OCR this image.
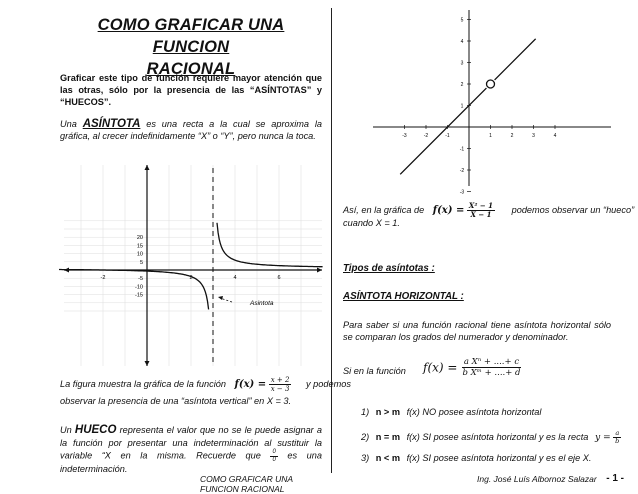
COMO GRAFICAR UNA FUNCION
RACIONAL
Graficar este tipo de función requiere mayor atención que las otras, sólo por la presencia de las “ASÍNTOTAS” y “HUECOS”.
Una ASÍNTOTA es una recta a la cual se aproxima la gráfica, al crecer indefinidamente “X” o “Y”, pero nunca la toca.
-2	2	4	6
20
15
10
5
-5
-10
-15
Asintota
La figura muestra la gráfica de la función $f(x) = \frac{x + 2}{x - 3}$ y podemos
observar la presencia de una “asíntota vertical” en X = 3.
Un HUECO representa el valor que no se le puede asignar a la función por presentar una indeterminación al sustituir la variable “X en la misma. Recuerde que $\frac{0}{0}$ es una indeterminación.
COMO GRAFICAR UNA FUNCION RACIONAL
-3	-2	-1	1	2	3	4
5
4
3
2
1
-1
-2
-3
Así, en la gráfica de $f(x) = \frac{\text{X² − 1}}{X - 1}$ podemos observar un “hueco”
cuando X = 1.
Tipos de asíntotas :
ASÍNTOTA HORIZONTAL :
Para saber si una función racional tiene asíntota horizontal sólo se comparan los grados del numerador y denominador.
Si en la función $f(x) = \frac{\text{a Xⁿ + ....+ c}}{\text{b Xᵐ + ....+ d}}$
1) n > m f(x) NO posee asíntota horizontal
2) n = m f(x) SI posee asíntota horizontal y es la recta $y = \frac{a}{b}$
3) n < m f(x) SI posee asíntota horizontal y es el eje X.
Ing. José Luís Albornoz Salazar - 1 -
